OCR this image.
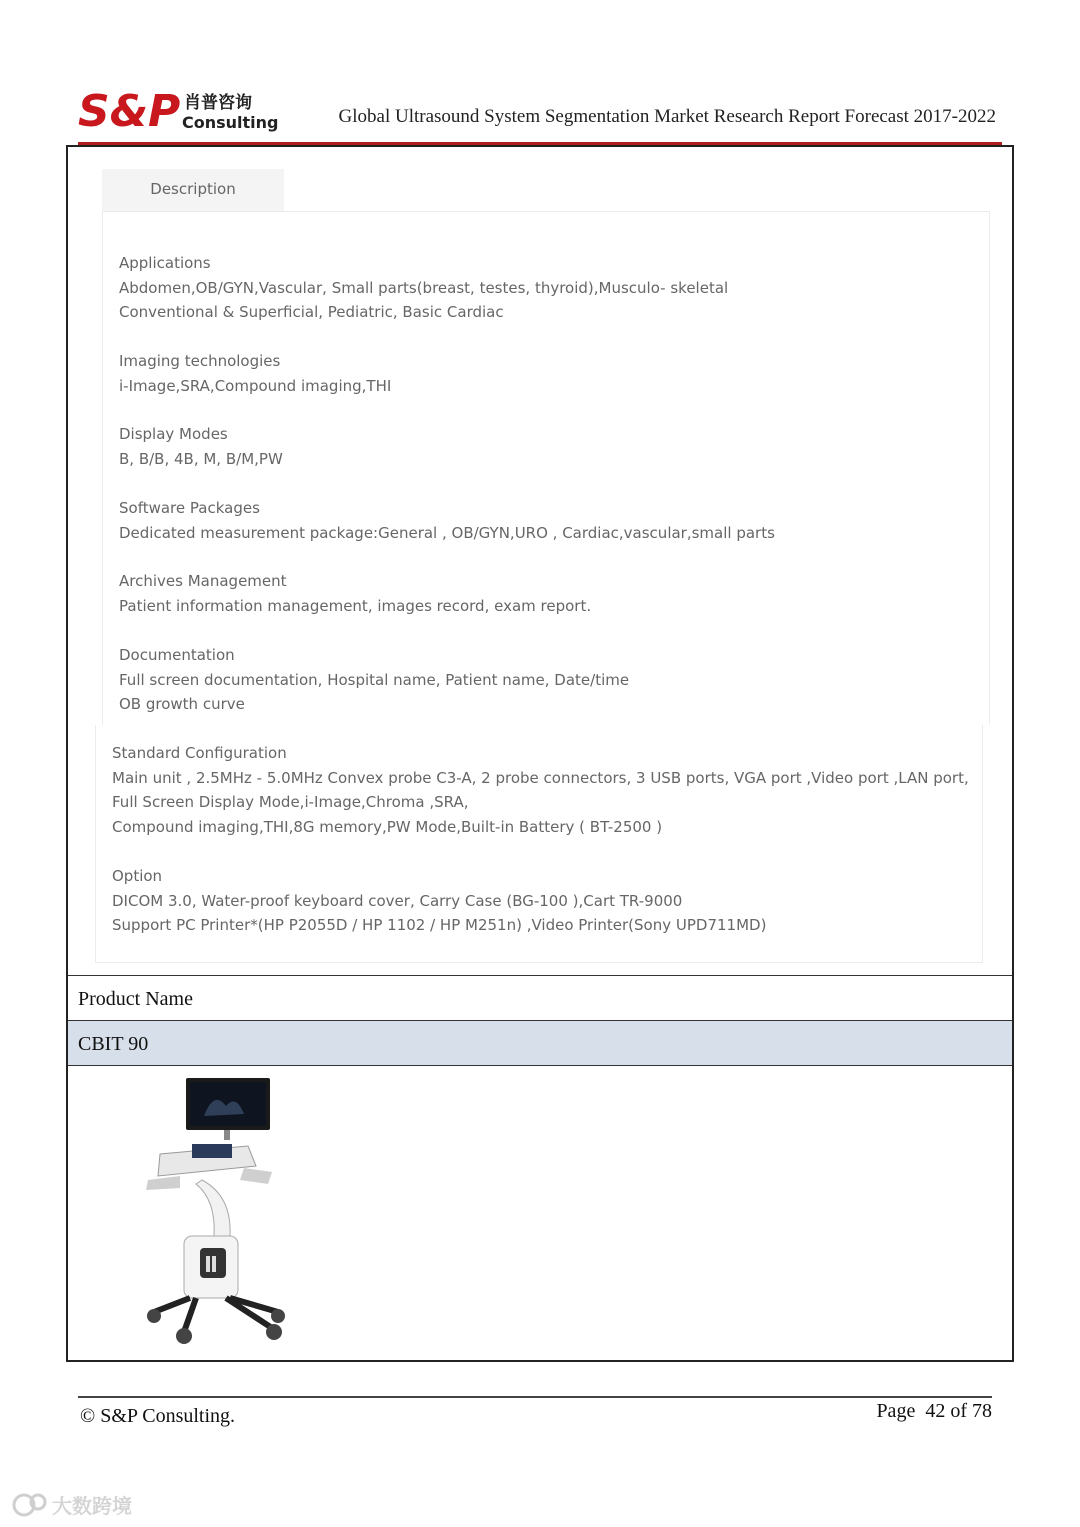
S&P 肖普咨询
Consulting	Global Ultrasound System Segmentation Market Research Report Forecast 2017-2022
Description

Applications

Abdomen,OB/GYN,Vascular, Small parts(breast, testes, thyroid),Musculo- skeletal

Conventional & Superficial, Pediatric, Basic Cardiac

Imaging technologies

i-Image,SRA,Compound imaging,THI

Display Modes

B, B/B, 4B, M, B/M,PW

Software Packages

Dedicated measurement package:General , OB/GYN,URO , Cardiac,vascular,small parts

Archives Management

Patient information management, images record, exam report.

Documentation

Full screen documentation, Hospital name, Patient name, Date/time

OB growth curve

Standard Configuration

Main unit , 2.5MHz - 5.0MHz Convex probe C3-A, 2 probe connectors, 3 USB ports, VGA port ,Video port ,LAN port, Full Screen Display Mode,i-Image,Chroma ,SRA,

Compound imaging,THI,8G memory,PW Mode,Built-in Battery ( BT-2500 )

Option

DICOM 3.0, Water-proof keyboard cover, Carry Case (BG-100 ),Cart TR-9000

Support PC Printer*(HP P2055D / HP 1102 / HP M251n) ,Video Printer(Sony UPD711MD)

Product Name
CBIT 90
© S&P Consulting.	Page 42 of 78
大数跨境
